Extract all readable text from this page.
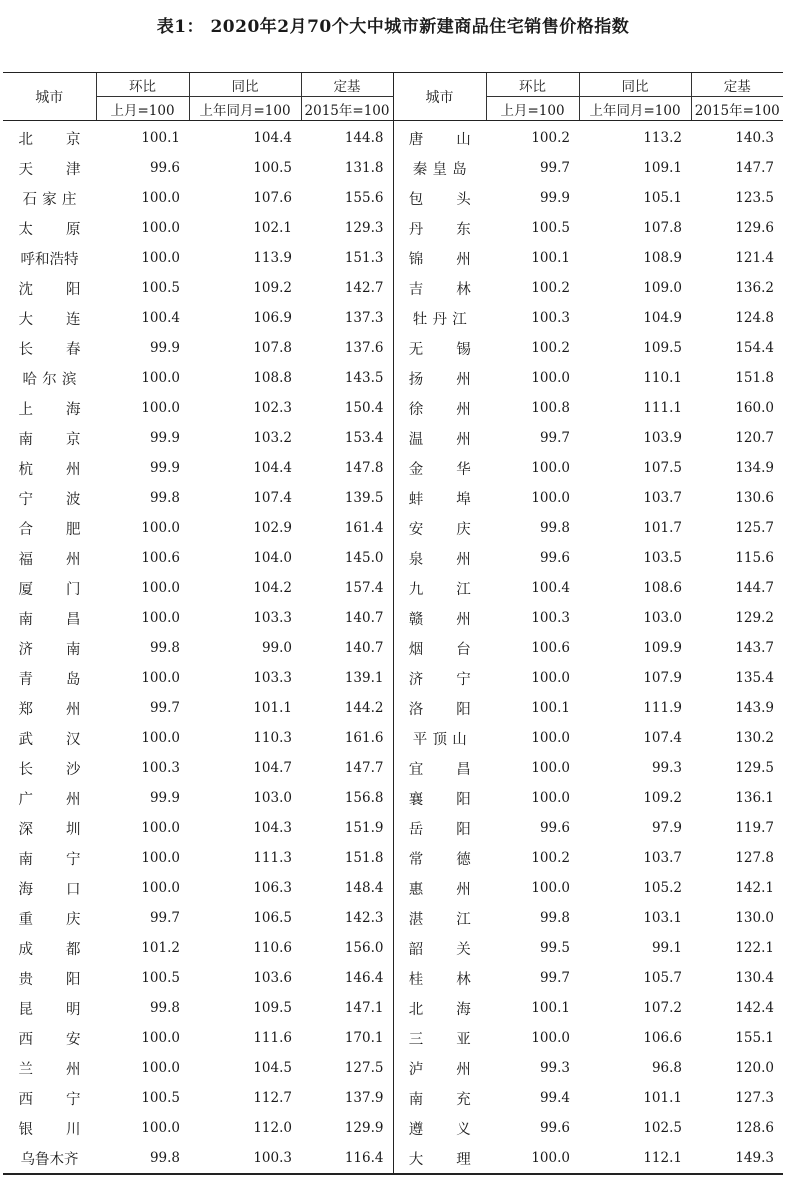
表1： 2020年2月70个大中城市新建商品住宅销售价格指数
城市	环比	同比	定基	城市	环比	同比	定基
	上月=100	上年同月=100	2015年=100		上月=100	上年同月=100	2015年=100
北京	100.1	104.4	144.8	唐山	100.2	113.2	140.3
天津	99.6	100.5	131.8	秦皇岛	99.7	109.1	147.7
石家庄	100.0	107.6	155.6	包头	99.9	105.1	123.5
太原	100.0	102.1	129.3	丹东	100.5	107.8	129.6
呼和浩特	100.0	113.9	151.3	锦州	100.1	108.9	121.4
沈阳	100.5	109.2	142.7	吉林	100.2	109.0	136.2
大连	100.4	106.9	137.3	牡丹江	100.3	104.9	124.8
长春	99.9	107.8	137.6	无锡	100.2	109.5	154.4
哈尔滨	100.0	108.8	143.5	扬州	100.0	110.1	151.8
上海	100.0	102.3	150.4	徐州	100.8	111.1	160.0
南京	99.9	103.2	153.4	温州	99.7	103.9	120.7
杭州	99.9	104.4	147.8	金华	100.0	107.5	134.9
宁波	99.8	107.4	139.5	蚌埠	100.0	103.7	130.6
合肥	100.0	102.9	161.4	安庆	99.8	101.7	125.7
福州	100.6	104.0	145.0	泉州	99.6	103.5	115.6
厦门	100.0	104.2	157.4	九江	100.4	108.6	144.7
南昌	100.0	103.3	140.7	赣州	100.3	103.0	129.2
济南	99.8	99.0	140.7	烟台	100.6	109.9	143.7
青岛	100.0	103.3	139.1	济宁	100.0	107.9	135.4
郑州	99.7	101.1	144.2	洛阳	100.1	111.9	143.9
武汉	100.0	110.3	161.6	平顶山	100.0	107.4	130.2
长沙	100.3	104.7	147.7	宜昌	100.0	99.3	129.5
广州	99.9	103.0	156.8	襄阳	100.0	109.2	136.1
深圳	100.0	104.3	151.9	岳阳	99.6	97.9	119.7
南宁	100.0	111.3	151.8	常德	100.2	103.7	127.8
海口	100.0	106.3	148.4	惠州	100.0	105.2	142.1
重庆	99.7	106.5	142.3	湛江	99.8	103.1	130.0
成都	101.2	110.6	156.0	韶关	99.5	99.1	122.1
贵阳	100.5	103.6	146.4	桂林	99.7	105.7	130.4
昆明	99.8	109.5	147.1	北海	100.1	107.2	142.4
西安	100.0	111.6	170.1	三亚	100.0	106.6	155.1
兰州	100.0	104.5	127.5	泸州	99.3	96.8	120.0
西宁	100.5	112.7	137.9	南充	99.4	101.1	127.3
银川	100.0	112.0	129.9	遵义	99.6	102.5	128.6
乌鲁木齐	99.8	100.3	116.4	大理	100.0	112.1	149.3
